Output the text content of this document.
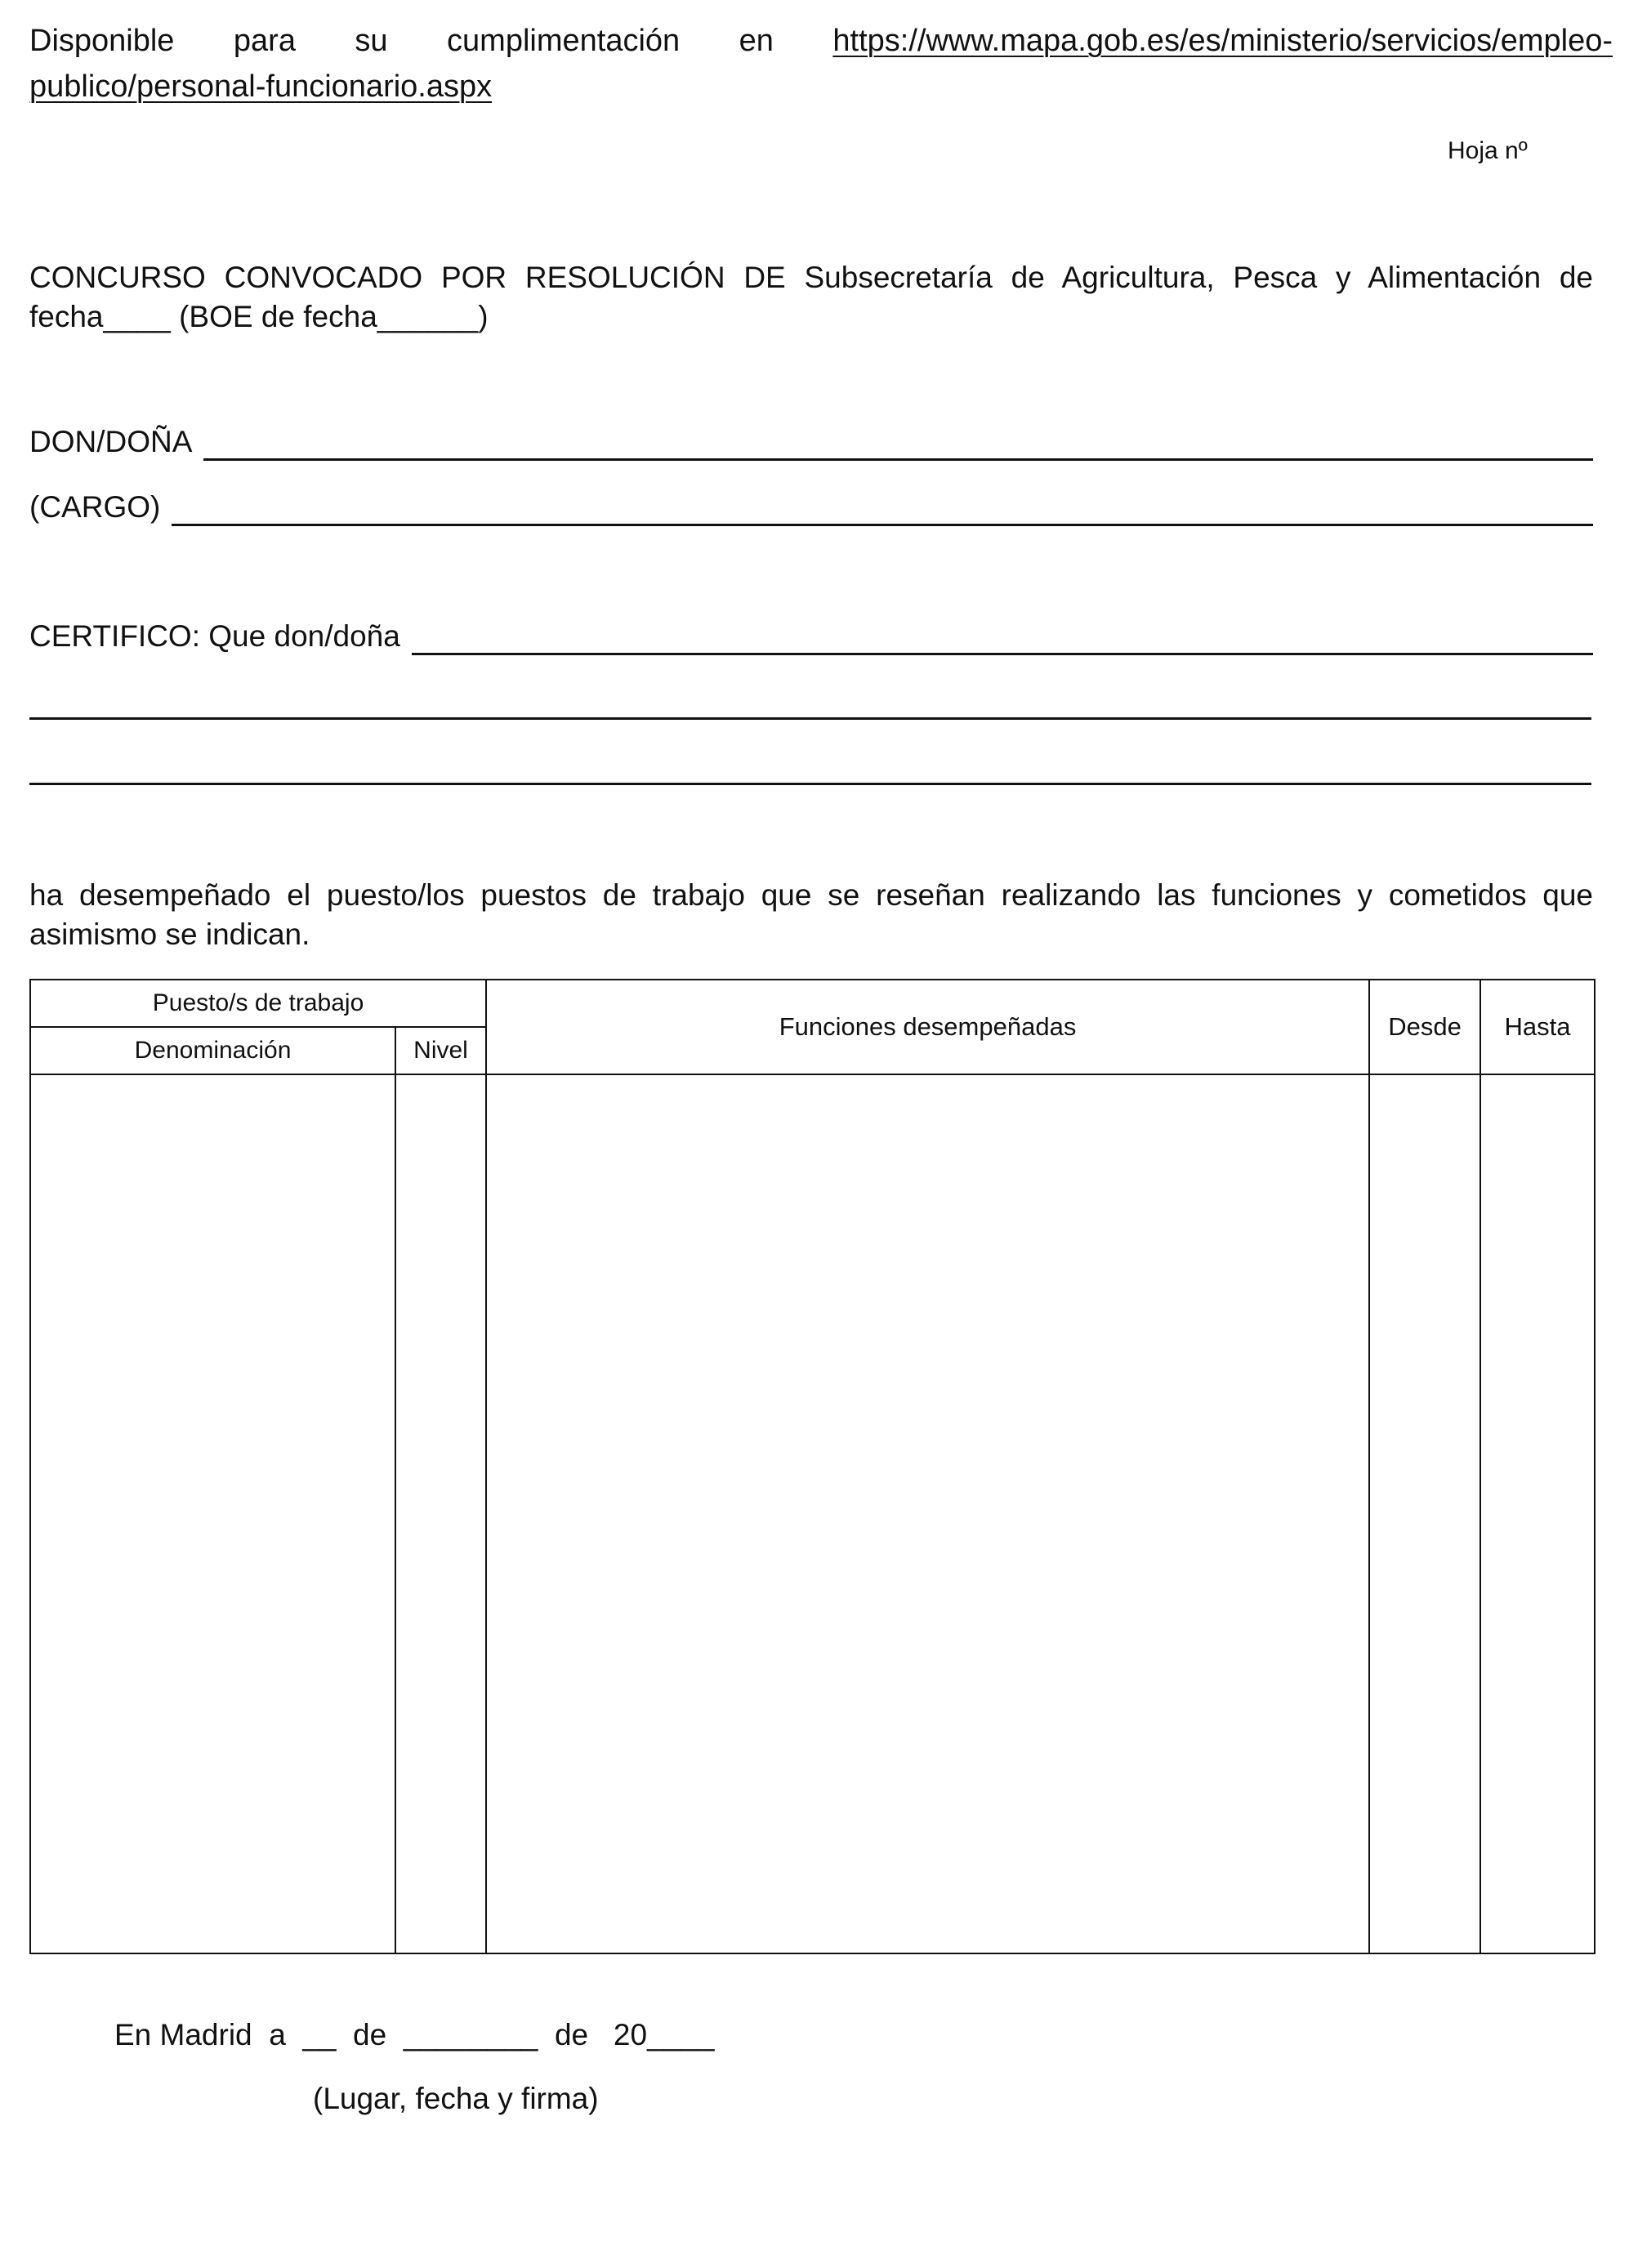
Disponible para su cumplimentación en https://www.mapa.gob.es/es/ministerio/servicios/empleo-
publico/personal-funcionario.aspx
Hoja nº
CONCURSO CONVOCADO POR RESOLUCIÓN DE Subsecretaría de Agricultura, Pesca y Alimentación de
fecha____ (BOE de fecha______)
DON/DOÑA
(CARGO)
CERTIFICO: Que don/doña
ha desempeñado el puesto/los puestos de trabajo que se reseñan realizando las funciones y cometidos que asimismo se indican.
Puesto/s de trabajo		Funciones desempeñadas	Desde	Hasta
Denominación	Nivel			

En Madrid  a  __  de  ________  de   20____
(Lugar, fecha y firma)
